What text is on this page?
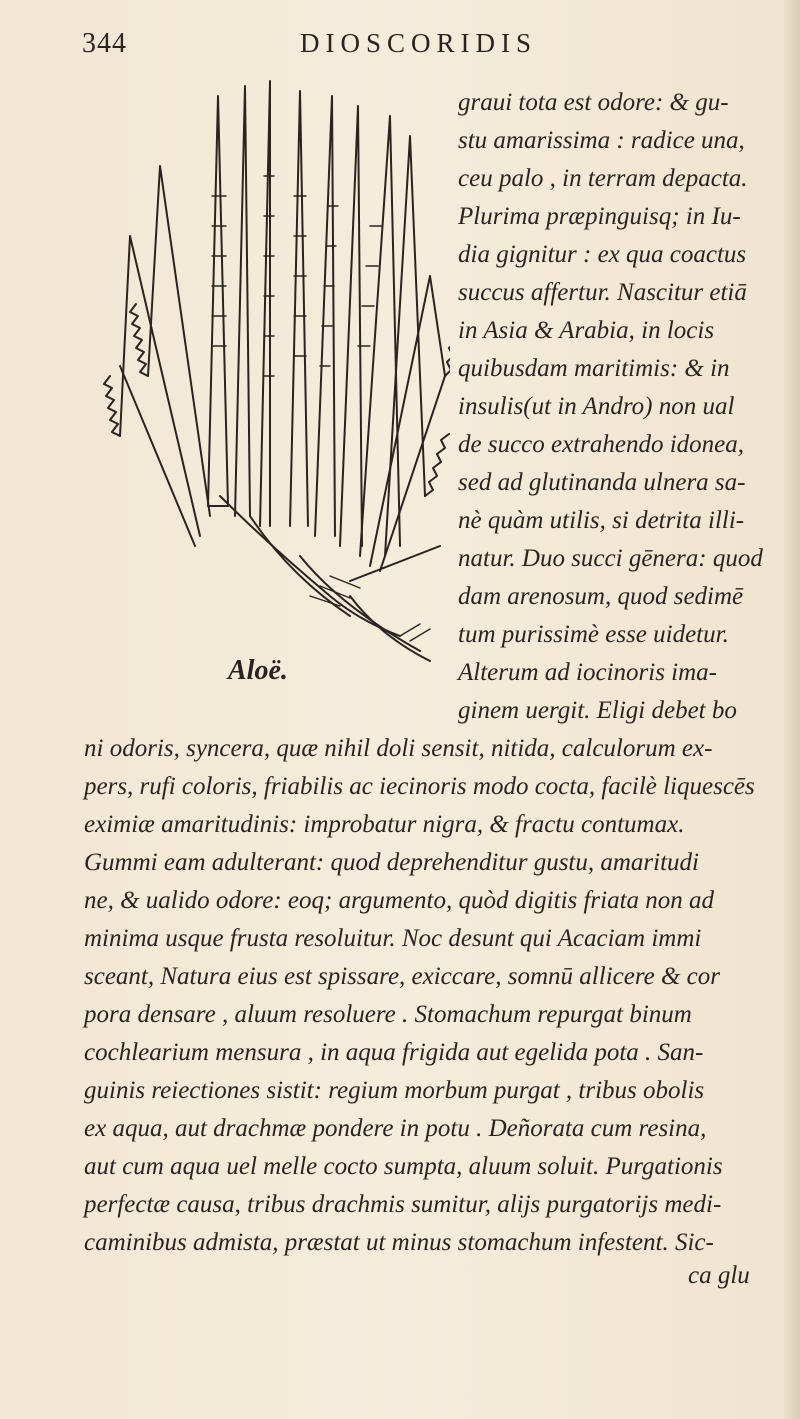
344	DIOSCORIDIS
Aloë.
graui tota est odore: & gu-
stu amarissima : radice una,
ceu palo , in terram depacta.
Plurima præpinguisq; in Iu-
dia gignitur : ex qua coactus
succus affertur. Nascitur etiā
in Asia & Arabia, in locis
quibusdam maritimis: & in
insulis(ut in Andro) non ual
de succo extrahendo idonea,
sed ad glutinanda ulnera sa-
nè quàm utilis, si detrita illi-
natur. Duo succi gēnera: quod
dam arenosum, quod sedimē
tum purissimè esse uidetur.
Alterum ad iocinoris ima-
ginem uergit. Eligi debet bo
ni odoris, syncera, quæ nihil doli sensit, nitida, calculorum ex-
pers, rufi coloris, friabilis ac iecinoris modo cocta, facilè liquescēs
eximiæ amaritudinis: improbatur nigra, & fractu contumax.
Gummi eam adulterant: quod deprehenditur gustu, amaritudi
ne, & ualido odore: eoq; argumento, quòd digitis friata non ad
minima usque frusta resoluitur. Noc desunt qui Acaciam immi
sceant, Natura eius est spissare, exiccare, somnū allicere & cor
pora densare , aluum resoluere . Stomachum repurgat binum
cochlearium mensura , in aqua frigida aut egelida pota . San-
guinis reiectiones sistit: regium morbum purgat , tribus obolis
ex aqua, aut drachmæ pondere in potu . Deñorata cum resina,
aut cum aqua uel melle cocto sumpta, aluum soluit. Purgationis
perfectæ causa, tribus drachmis sumitur, alijs purgatorijs medi-
caminibus admista, præstat ut minus stomachum infestent. Sic-
ca glu
